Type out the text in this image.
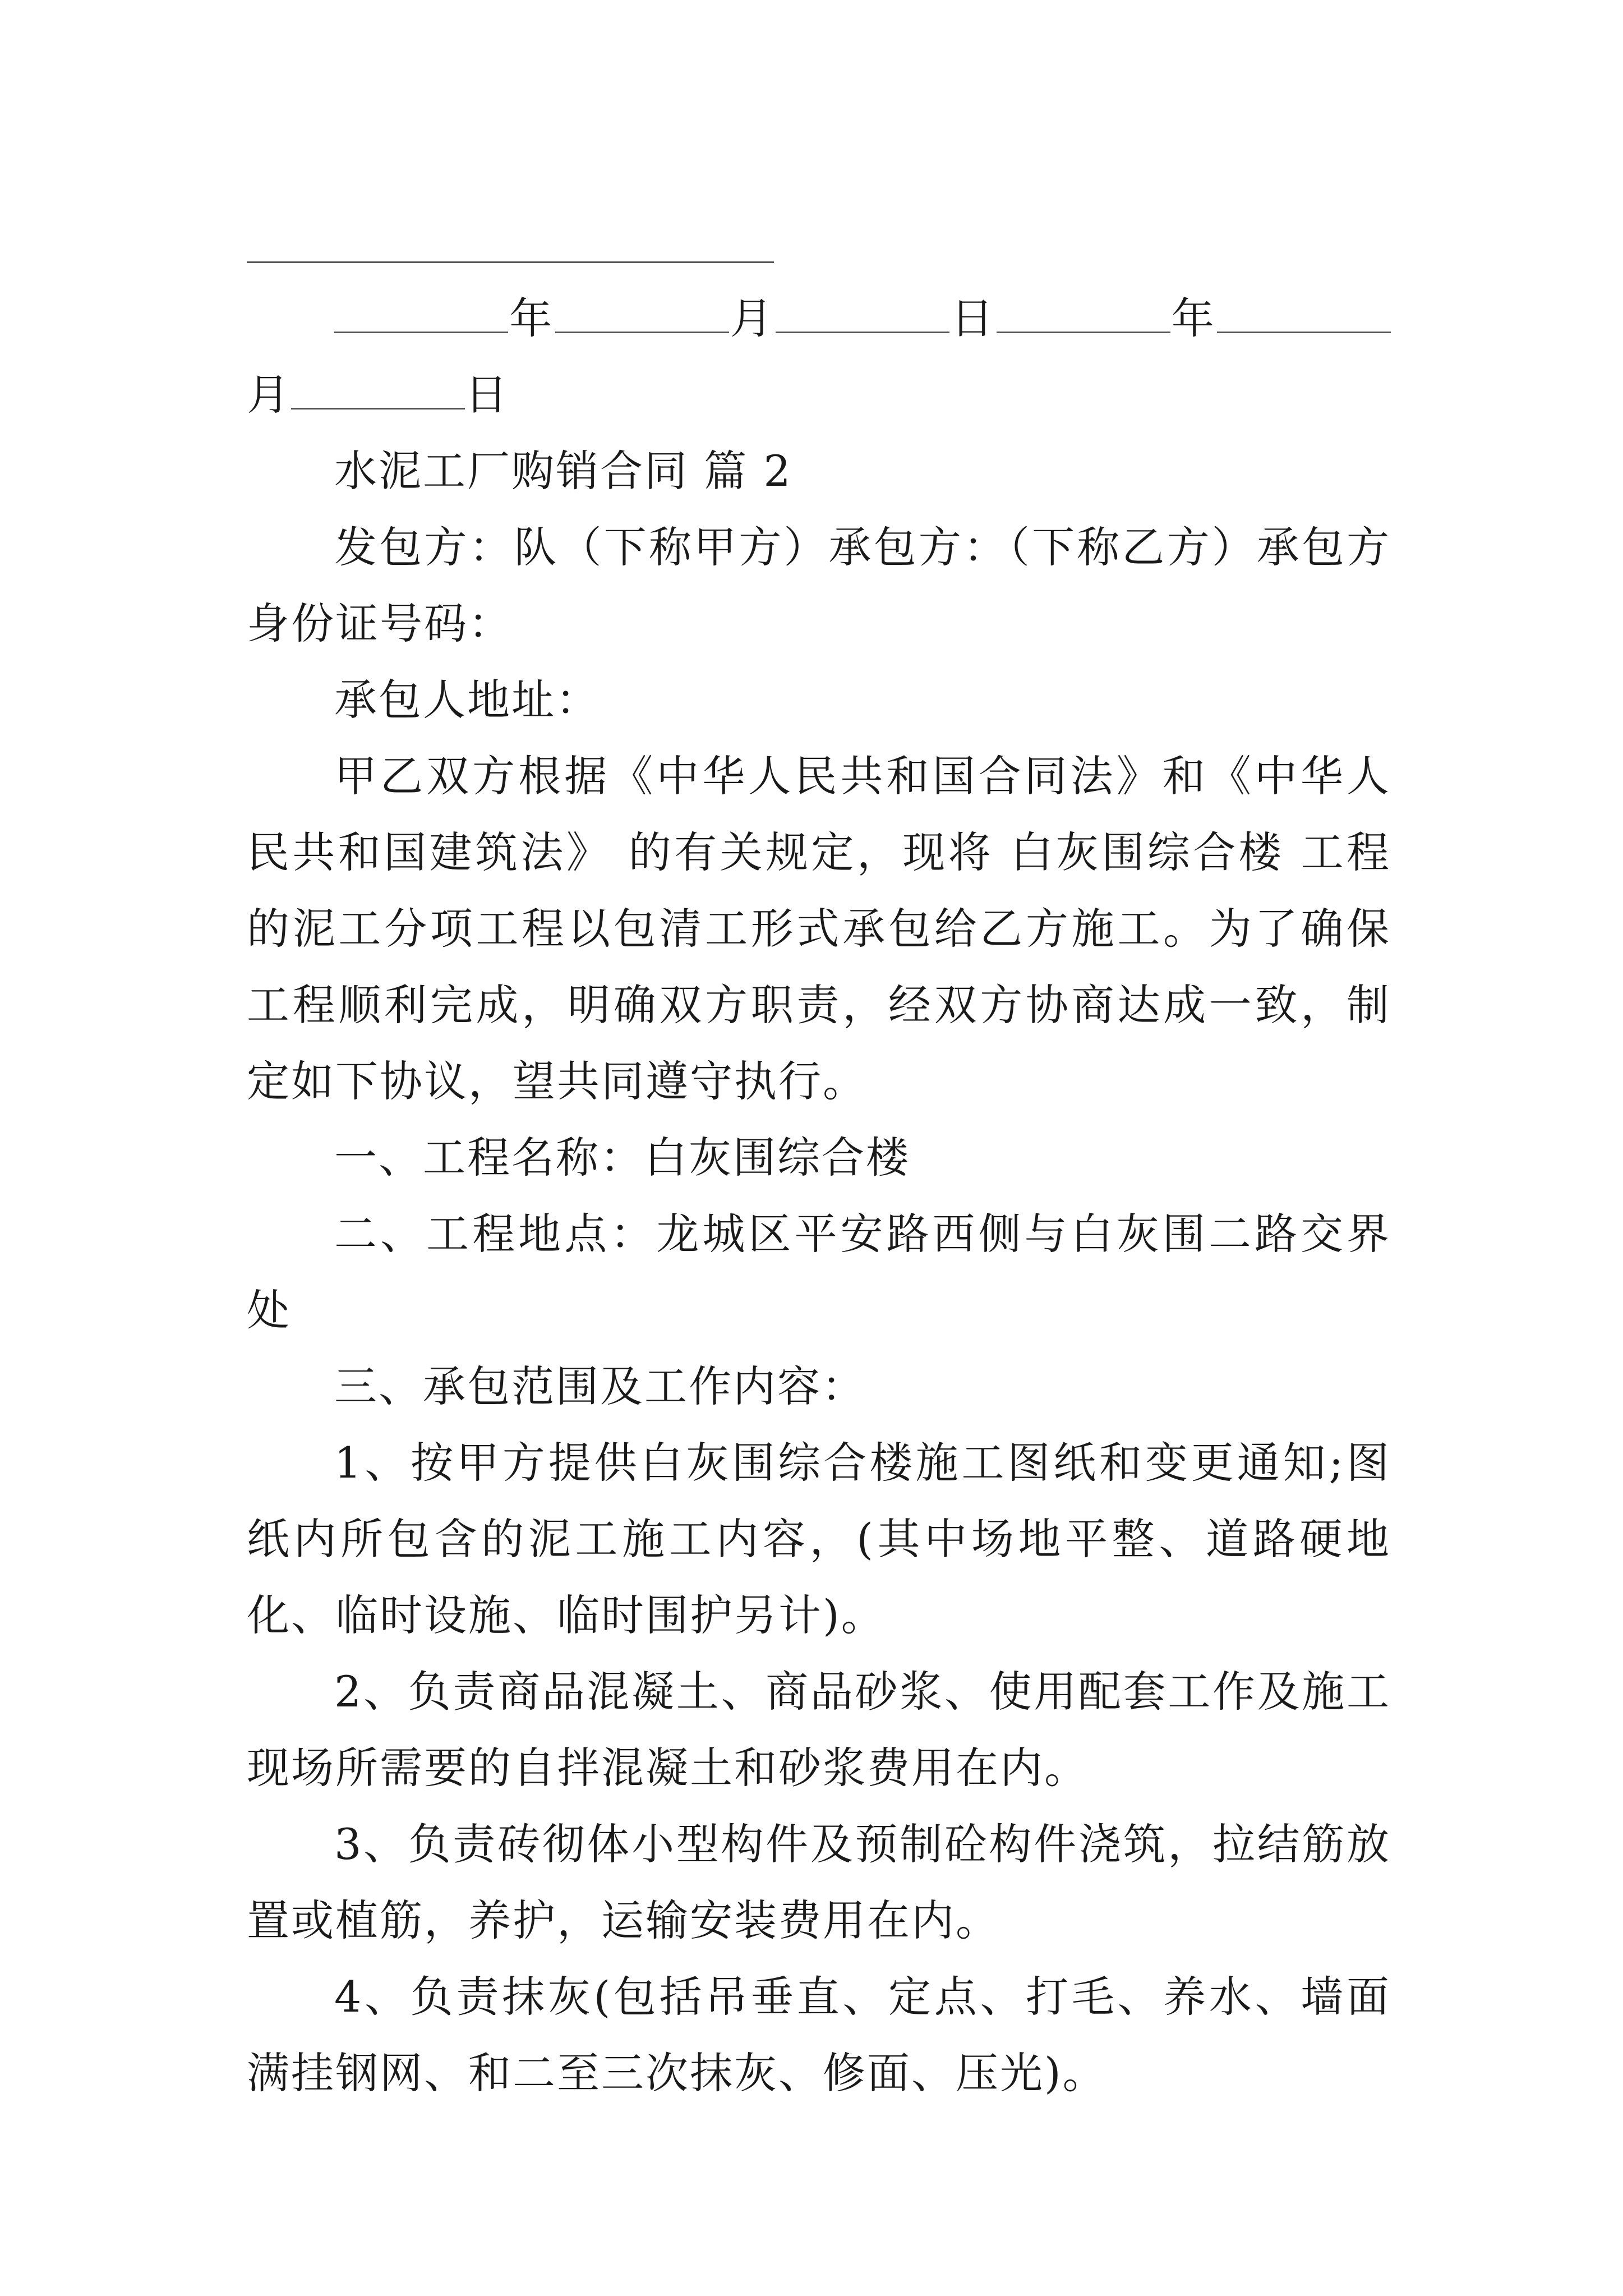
年	月	日	年月	日

水泥工厂购销合同 篇 2

发包方：队（下称甲方）承包方：（下称乙方）承包方身份证号码：

承包人地址：

甲乙双方根据《中华人民共和国合同法》和《中华人民共和国建筑法》 的有关规定，现将 白灰围综合楼 工程的泥工分项工程以包清工形式承包给乙方施工。为了确保工程顺利完成，明确双方职责，经双方协商达成一致，制定如下协议，望共同遵守执行。

一、工程名称：白灰围综合楼

二、工程地点：龙城区平安路西侧与白灰围二路交界处

三、承包范围及工作内容：

1、按甲方提供白灰围综合楼施工图纸和变更通知;图纸内所包含的泥工施工内容，(其中场地平整、道路硬地化、临时设施、临时围护另计)。

2、负责商品混凝土、商品砂浆、使用配套工作及施工现场所需要的自拌混凝土和砂浆费用在内。

3、负责砖彻体小型构件及预制砼构件浇筑，拉结筋放置或植筋，养护，运输安装费用在内。

4、负责抹灰(包括吊垂直、定点、打毛、养水、墙面满挂钢网、和二至三次抹灰、修面、压光)。
